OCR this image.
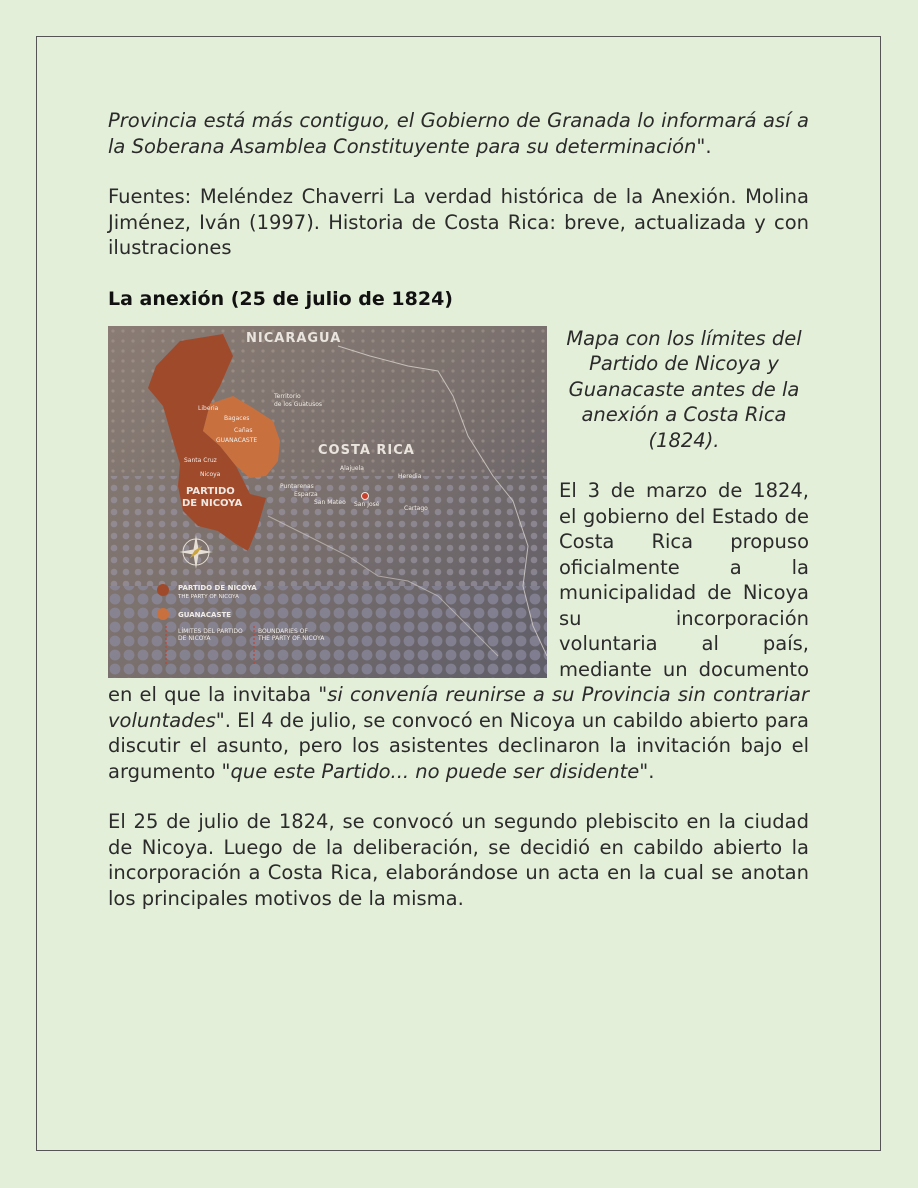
Provincia está más contiguo, el Gobierno de Granada lo informará así a la Soberana Asamblea Constituyente para su determinación".

Fuentes: Meléndez Chaverri La verdad histórica de la Anexión. Molina Jiménez, Iván (1997). Historia de Costa Rica: breve, actualizada y con ilustraciones

La anexión (25 de julio de 1824)
NICARAGUA
COSTA RICA
PARTIDO
DE NICOYA
Liberia
Bagaces
Cañas
GUANACASTE
Santa Cruz
Nicoya
Puntarenas
Esparza
San Mateo
Alajuela
Heredia
San José
Cartago
Territorio
de los Guatusos
PARTIDO DE NICOYA
THE PARTY OF NICOYA
GUANACASTE
LÍMITES DEL PARTIDO
DE NICOYA
BOUNDARIES OF
THE PARTY OF NICOYA

Mapa con los límites del Partido de Nicoya y Guanacaste antes de la anexión a Costa Rica (1824).

El 3 de marzo de 1824, el gobierno del Estado de Costa Rica propuso oficialmente a la municipalidad de Nicoya su incorporación voluntaria al país, mediante un documento en el que la invitaba "si convenía reunirse a su Provincia sin contrariar voluntades". El 4 de julio, se convocó en Nicoya un cabildo abierto para discutir el asunto, pero los asistentes declinaron la invitación bajo el argumento "que este Partido... no puede ser disidente".

El 25 de julio de 1824, se convocó un segundo plebiscito en la ciudad de Nicoya. Luego de la deliberación, se decidió en cabildo abierto la incorporación a Costa Rica, elaborándose un acta en la cual se anotan los principales motivos de la misma.
